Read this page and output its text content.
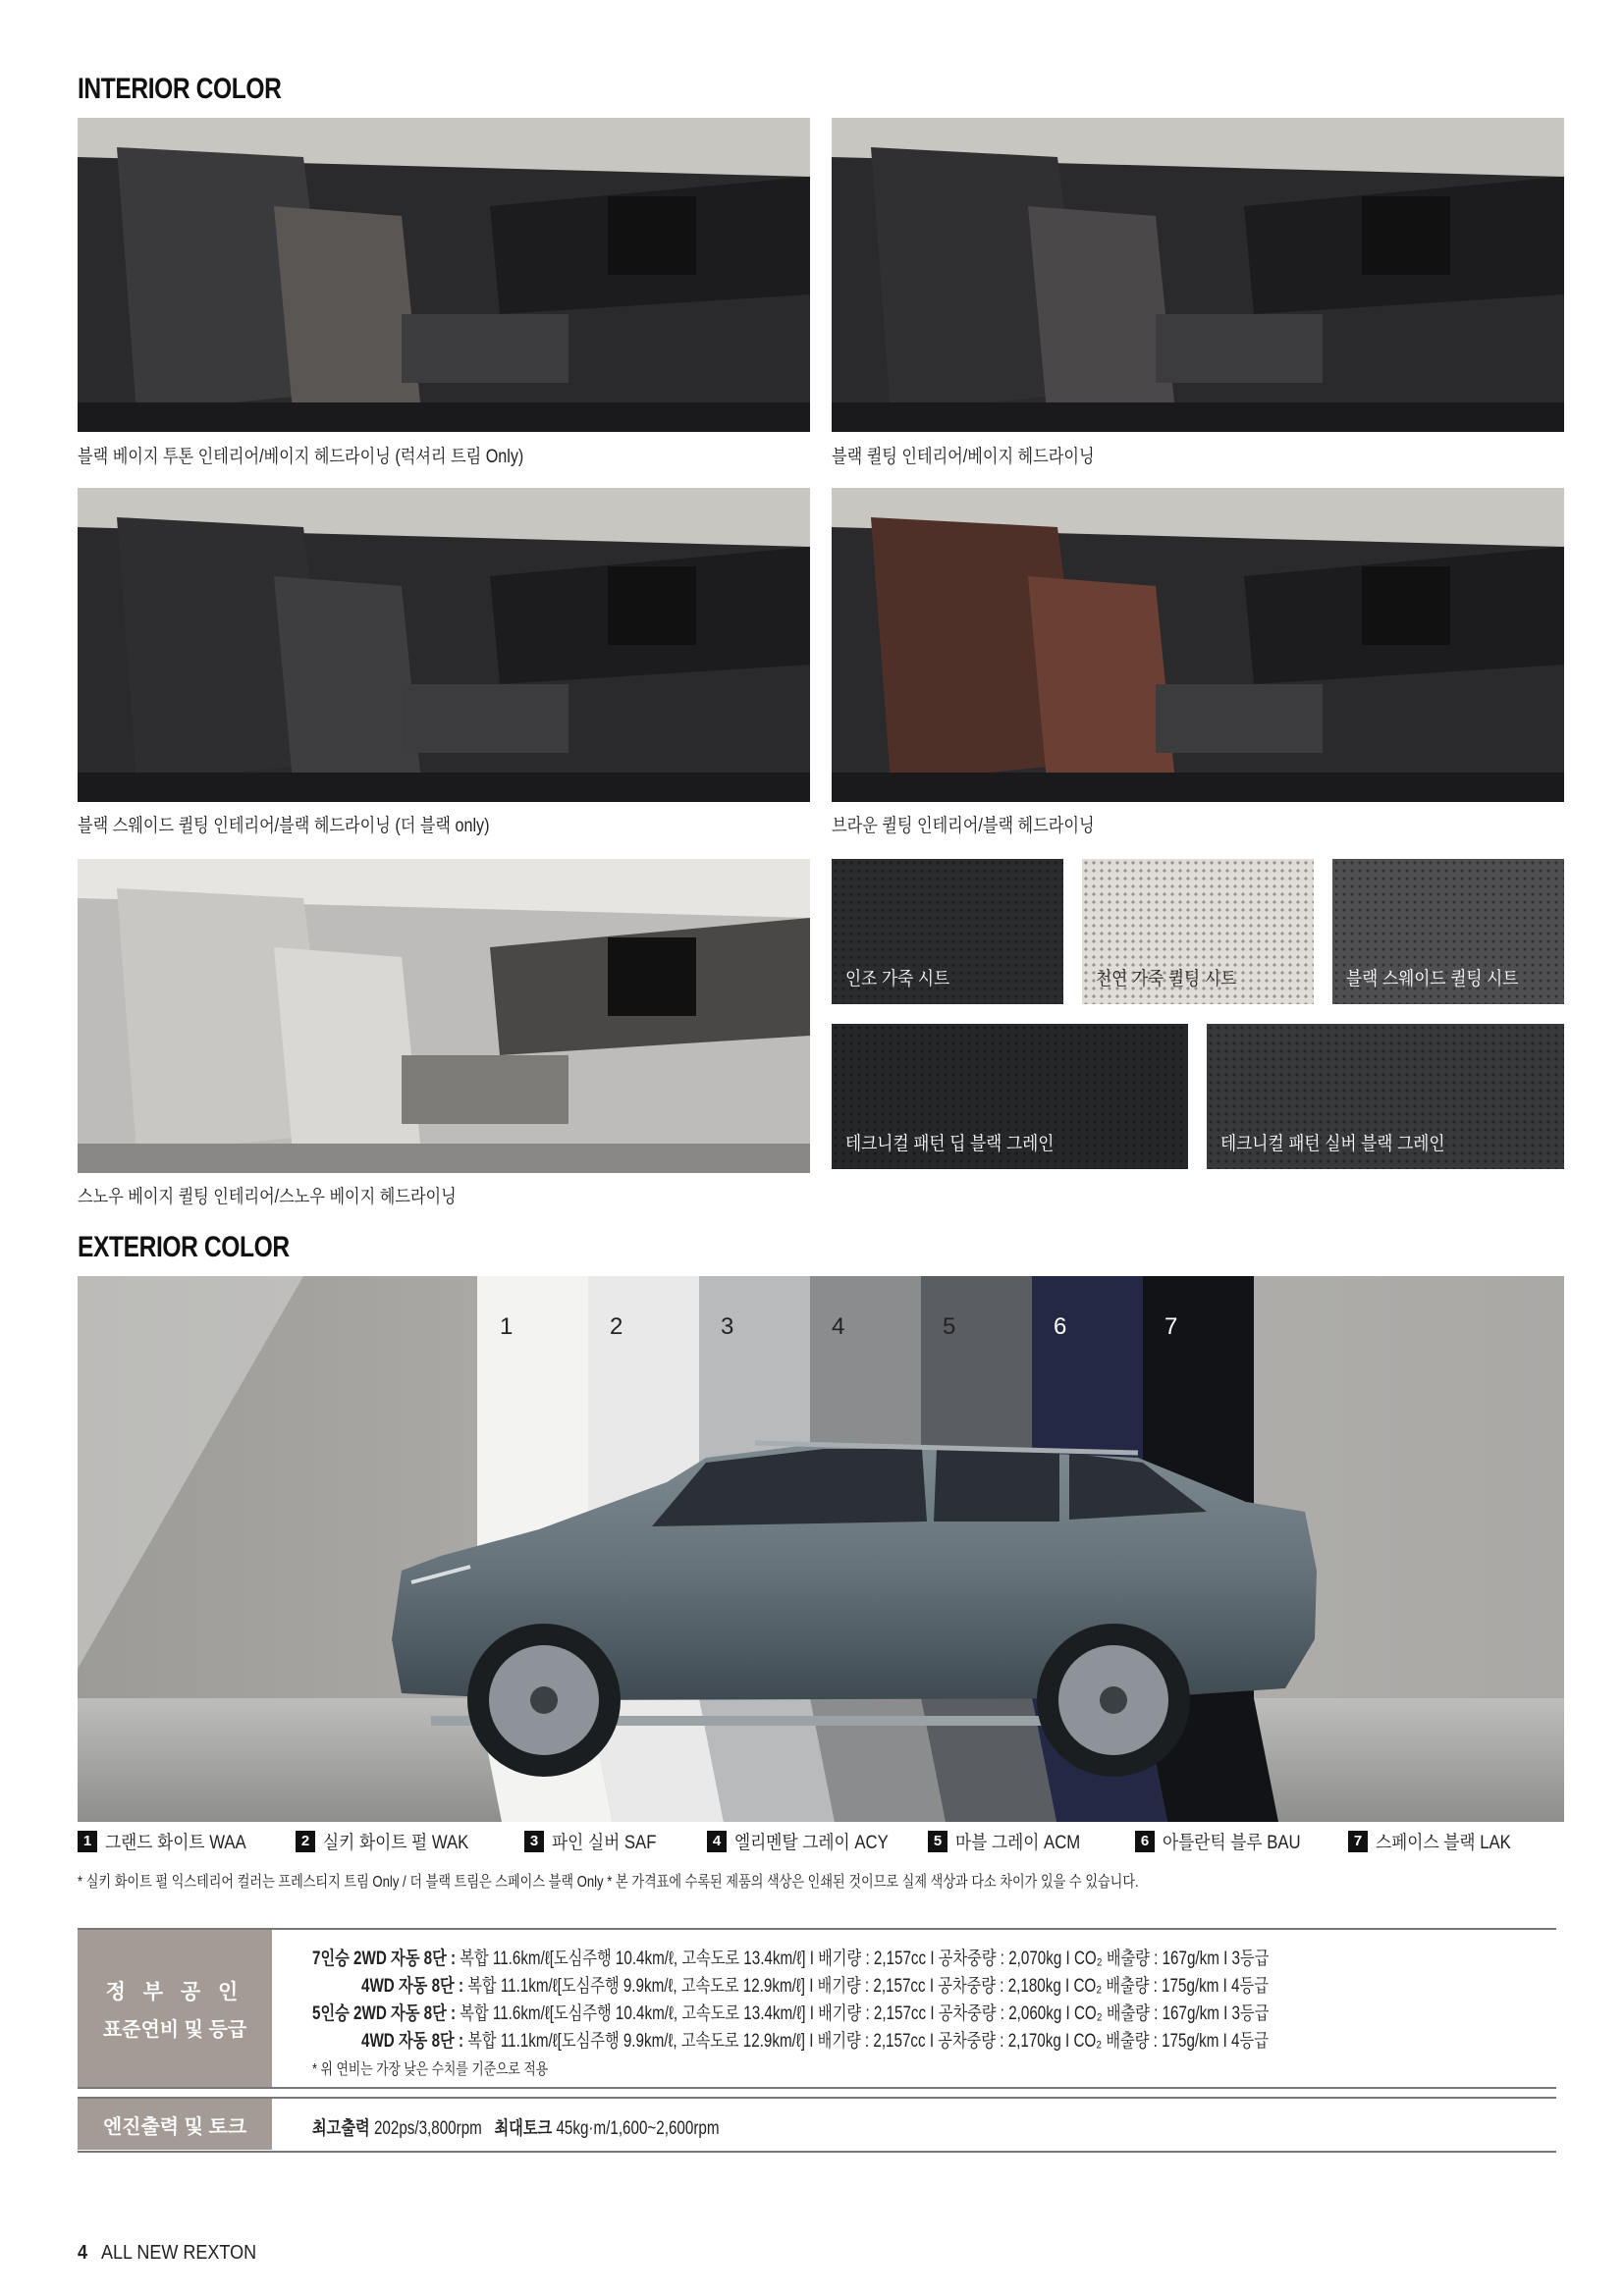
INTERIOR COLOR
블랙 베이지 투톤 인테리어/베이지 헤드라이닝 (럭셔리 트림 Only)	블랙 퀼팅 인테리어/베이지 헤드라이닝
블랙 스웨이드 퀼팅 인테리어/블랙 헤드라이닝 (더 블랙 only)	브라운 퀼팅 인테리어/블랙 헤드라이닝
스노우 베이지 퀼팅 인테리어/스노우 베이지 헤드라이닝
인조 가죽 시트	천연 가죽 퀼팅 시트	블랙 스웨이드 퀼팅 시트
테크니컬 패턴 딥 블랙 그레인	테크니컬 패턴 실버 블랙 그레인
EXTERIOR COLOR
1	2	3	4	5	6	7
1 그랜드 화이트 WAA	2 실키 화이트 펄 WAK	3 파인 실버 SAF	4 엘리멘탈 그레이 ACY	5 마블 그레이 ACM	6 아틀란틱 블루 BAU	7 스페이스 블랙 LAK
* 실키 화이트 펄 익스테리어 컬러는 프레스티지 트림 Only / 더 블랙 트림은 스페이스 블랙 Only * 본 가격표에 수록된 제품의 색상은 인쇄된 것이므로 실제 색상과 다소 차이가 있을 수 있습니다.
정 부 공 인
표준연비 및 등급
7인승 2WD 자동 8단 : 복합 11.6km/ℓ[도심주행 10.4km/ℓ, 고속도로 13.4km/ℓ] I 배기량 : 2,157cc I 공차중량 : 2,070kg I CO₂ 배출량 : 167g/km I 3등급
4WD 자동 8단 : 복합 11.1km/ℓ[도심주행 9.9km/ℓ, 고속도로 12.9km/ℓ] I 배기량 : 2,157cc I 공차중량 : 2,180kg I CO₂ 배출량 : 175g/km I 4등급
5인승 2WD 자동 8단 : 복합 11.6km/ℓ[도심주행 10.4km/ℓ, 고속도로 13.4km/ℓ] I 배기량 : 2,157cc I 공차중량 : 2,060kg I CO₂ 배출량 : 167g/km I 3등급
4WD 자동 8단 : 복합 11.1km/ℓ[도심주행 9.9km/ℓ, 고속도로 12.9km/ℓ] I 배기량 : 2,157cc I 공차중량 : 2,170kg I CO₂ 배출량 : 175g/km I 4등급
* 위 연비는 가장 낮은 수치를 기준으로 적용
엔진출력 및 토크	최고출력 202ps/3,800rpm 최대토크 45kg·m/1,600~2,600rpm
4 ALL NEW REXTON
